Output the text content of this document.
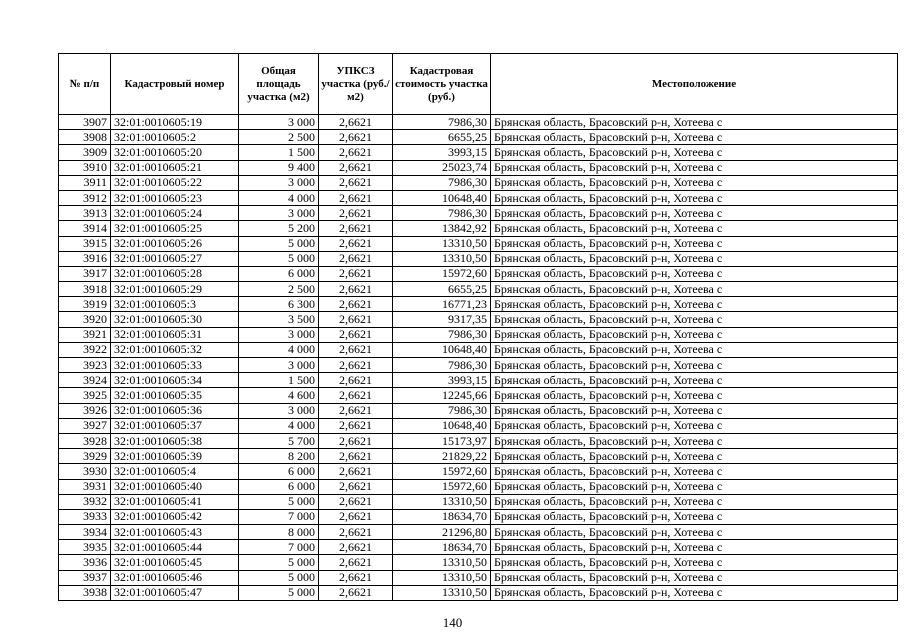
№ п/п	Кадастровый номер	Общая площадь участка (м2)	УПКСЗ участка (руб./м2)	Кадастровая стоимость участка (руб.)	Местоположение
3907	32:01:0010605:19	3 000	2,6621	7986,30	Брянская область, Брасовский р-н, Хотеева с
3908	32:01:0010605:2	2 500	2,6621	6655,25	Брянская область, Брасовский р-н, Хотеева с
3909	32:01:0010605:20	1 500	2,6621	3993,15	Брянская область, Брасовский р-н, Хотеева с
3910	32:01:0010605:21	9 400	2,6621	25023,74	Брянская область, Брасовский р-н, Хотеева с
3911	32:01:0010605:22	3 000	2,6621	7986,30	Брянская область, Брасовский р-н, Хотеева с
3912	32:01:0010605:23	4 000	2,6621	10648,40	Брянская область, Брасовский р-н, Хотеева с
3913	32:01:0010605:24	3 000	2,6621	7986,30	Брянская область, Брасовский р-н, Хотеева с
3914	32:01:0010605:25	5 200	2,6621	13842,92	Брянская область, Брасовский р-н, Хотеева с
3915	32:01:0010605:26	5 000	2,6621	13310,50	Брянская область, Брасовский р-н, Хотеева с
3916	32:01:0010605:27	5 000	2,6621	13310,50	Брянская область, Брасовский р-н, Хотеева с
3917	32:01:0010605:28	6 000	2,6621	15972,60	Брянская область, Брасовский р-н, Хотеева с
3918	32:01:0010605:29	2 500	2,6621	6655,25	Брянская область, Брасовский р-н, Хотеева с
3919	32:01:0010605:3	6 300	2,6621	16771,23	Брянская область, Брасовский р-н, Хотеева с
3920	32:01:0010605:30	3 500	2,6621	9317,35	Брянская область, Брасовский р-н, Хотеева с
3921	32:01:0010605:31	3 000	2,6621	7986,30	Брянская область, Брасовский р-н, Хотеева с
3922	32:01:0010605:32	4 000	2,6621	10648,40	Брянская область, Брасовский р-н, Хотеева с
3923	32:01:0010605:33	3 000	2,6621	7986,30	Брянская область, Брасовский р-н, Хотеева с
3924	32:01:0010605:34	1 500	2,6621	3993,15	Брянская область, Брасовский р-н, Хотеева с
3925	32:01:0010605:35	4 600	2,6621	12245,66	Брянская область, Брасовский р-н, Хотеева с
3926	32:01:0010605:36	3 000	2,6621	7986,30	Брянская область, Брасовский р-н, Хотеева с
3927	32:01:0010605:37	4 000	2,6621	10648,40	Брянская область, Брасовский р-н, Хотеева с
3928	32:01:0010605:38	5 700	2,6621	15173,97	Брянская область, Брасовский р-н, Хотеева с
3929	32:01:0010605:39	8 200	2,6621	21829,22	Брянская область, Брасовский р-н, Хотеева с
3930	32:01:0010605:4	6 000	2,6621	15972,60	Брянская область, Брасовский р-н, Хотеева с
3931	32:01:0010605:40	6 000	2,6621	15972,60	Брянская область, Брасовский р-н, Хотеева с
3932	32:01:0010605:41	5 000	2,6621	13310,50	Брянская область, Брасовский р-н, Хотеева с
3933	32:01:0010605:42	7 000	2,6621	18634,70	Брянская область, Брасовский р-н, Хотеева с
3934	32:01:0010605:43	8 000	2,6621	21296,80	Брянская область, Брасовский р-н, Хотеева с
3935	32:01:0010605:44	7 000	2,6621	18634,70	Брянская область, Брасовский р-н, Хотеева с
3936	32:01:0010605:45	5 000	2,6621	13310,50	Брянская область, Брасовский р-н, Хотеева с
3937	32:01:0010605:46	5 000	2,6621	13310,50	Брянская область, Брасовский р-н, Хотеева с
3938	32:01:0010605:47	5 000	2,6621	13310,50	Брянская область, Брасовский р-н, Хотеева с
140
